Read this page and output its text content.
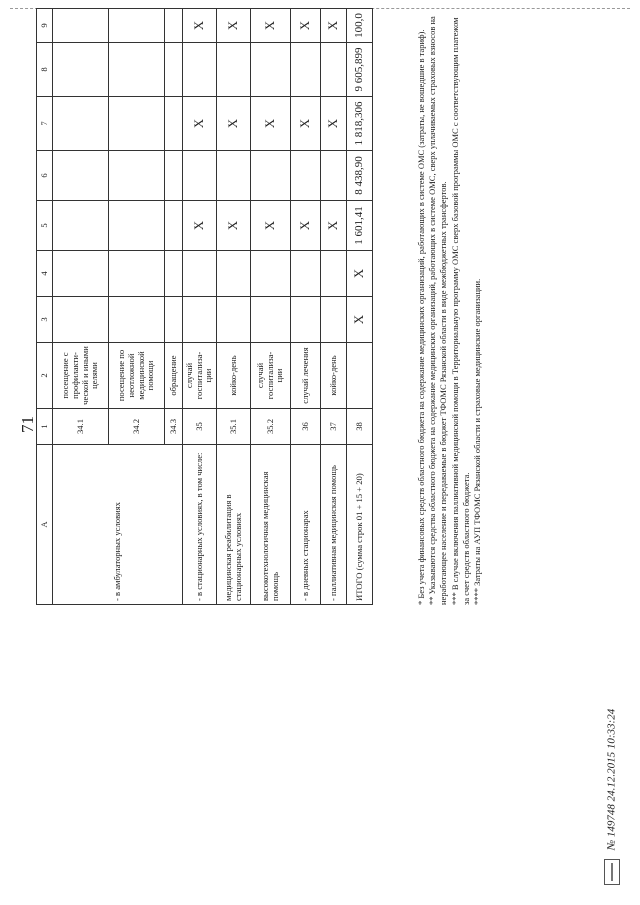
71
A	1	2	3	4	5	6	7	8	9
- в амбулаторных условиях	34.1	посещение с профилакти-ческой и иными целями							
	34.2	посещение по неотложной медицинской помощи							
	34.3	обращение							
- в стационарных условиях, в том числе:	35	случай госпитализа-ции			X		X		X
медицинская реабилитация в стационарных условиях	35.1	койко-день			X		X		X
высокотехнологичная медицинская помощь	35.2	случай госпитализа-ции			X		X		X
- в дневных стационарах	36	случай лечения			X		X		X
- паллиативная медицинская помощь	37	койко-день			X		X		X
ИТОГО (сумма строк 01 + 15 + 20)	38		X	X	1 601,41	8 438,90	1 818,306	9 605,899	100,0

* Без учета финансовых средств областного бюджета на содержание медицинских организаций, работающих в системе ОМС (затраты, не вошедшие в тариф). ** Указываются средства областного бюджета на содержание медицинских организаций, работающих в системе ОМС, сверх уплачиваемых страховых взносов на неработающее население и передаваемые в бюджет ТФОМС Рязанской области в виде межбюджетных трансфертов. *** В случае включения паллиативной медицинской помощи в Территориальную программу ОМС сверх базовой программы ОМС с соответствующим платежом за счет средств областного бюджета. **** Затраты на АУП ТФОМС Рязанской области и страховые медицинские организации.

№ 149748 24.12.2015 10:33:24
